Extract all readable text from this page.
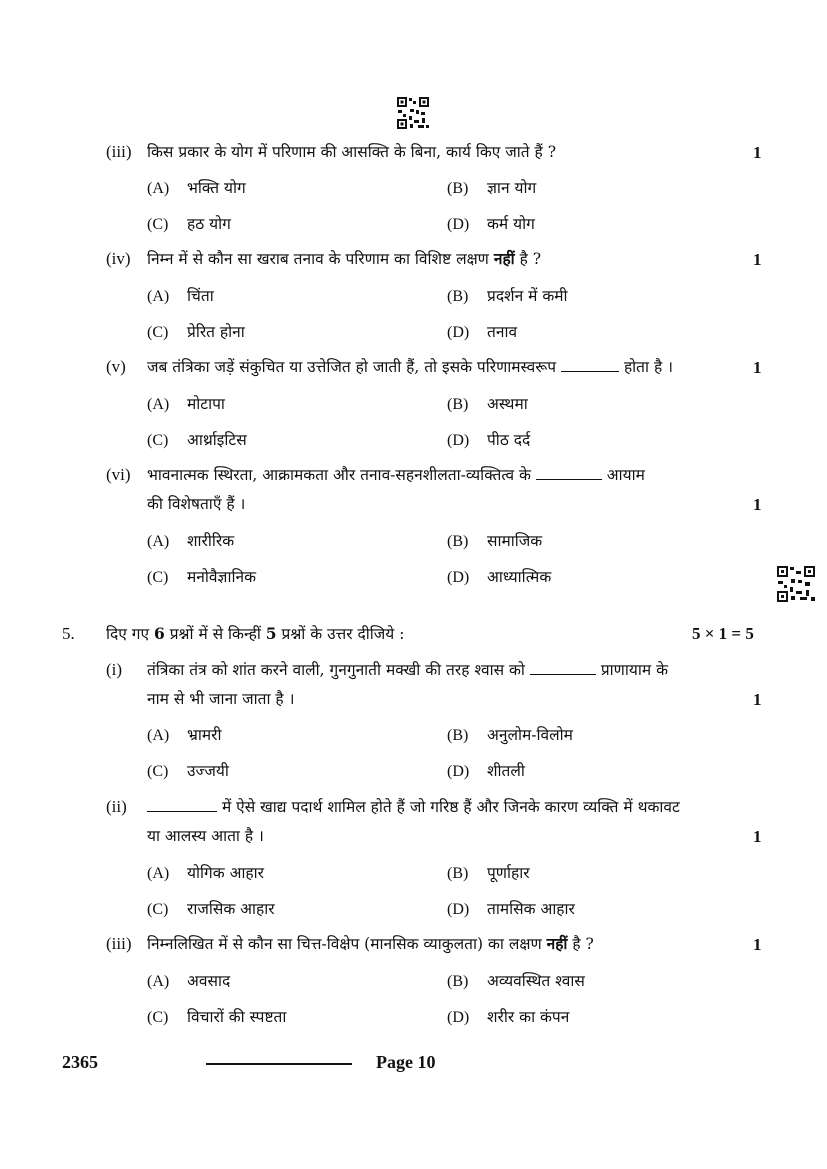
(iii) किस प्रकार के योग में परिणाम की आसक्ति के बिना, कार्य किए जाते हैं ?	1
(A) भक्ति योग	(B) ज्ञान योग
(C) हठ योग	(D) कर्म योग
(iv) निम्न में से कौन सा खराब तनाव के परिणाम का विशिष्ट लक्षण नहीं है ?	1
(A) चिंता	(B) प्रदर्शन में कमी
(C) प्रेरित होना	(D) तनाव
(v) जब तंत्रिका जड़ें संकुचित या उत्तेजित हो जाती हैं, तो इसके परिणामस्वरूप	होता है ।	1
(A) मोटापा	(B) अस्थमा
(C) आर्थ्राइटिस	(D) पीठ दर्द
(vi) भावनात्मक स्थिरता, आक्रामकता और तनाव-सहनशीलता-व्यक्तित्व के	आयाम
की विशेषताएँ हैं ।	1
(A) शारीरिक	(B) सामाजिक
(C) मनोवैज्ञानिक	(D) आध्यात्मिक
5. दिए गए 6 प्रश्नों में से किन्हीं 5 प्रश्नों के उत्तर दीजिये :	5 × 1 = 5
(i) तंत्रिका तंत्र को शांत करने वाली, गुनगुनाती मक्खी की तरह श्वास को	प्राणायाम के
नाम से भी जाना जाता है ।	1
(A) भ्रामरी	(B) अनुलोम-विलोम
(C) उज्जयी	(D) शीतली
(ii)	में ऐसे खाद्य पदार्थ शामिल होते हैं जो गरिष्ठ हैं और जिनके कारण व्यक्ति में थकावट
या आलस्य आता है ।	1
(A) योगिक आहार	(B) पूर्णाहार
(C) राजसिक आहार	(D) तामसिक आहार
(iii) निम्नलिखित में से कौन सा चित्त-विक्षेप (मानसिक व्याकुलता) का लक्षण नहीं है ?	1
(A) अवसाद	(B) अव्यवस्थित श्वास
(C) विचारों की स्पष्टता	(D) शरीर का कंपन
2365	Page 10
